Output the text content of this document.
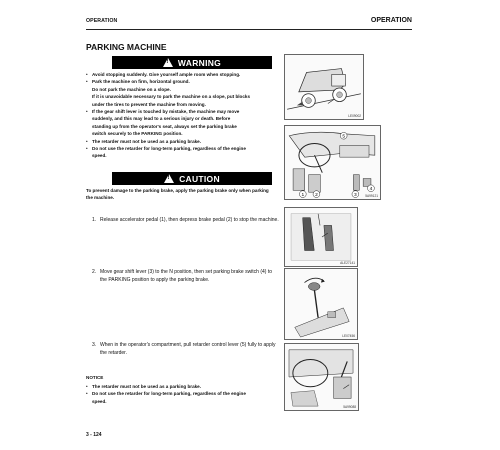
OPERATION	OPERATION
PARKING MACHINE
!
WARNING
• Avoid stopping suddenly. Give yourself ample room when stopping.
• Park the machine on firm, horizontal ground.
Do not park the machine on a slope.
If it is unavoidable necessary to park the machine on a slope, put blocks
under the tires to prevent the machine from moving.
• If the gear shift lever is touched by mistake, the machine may move
suddenly, and this may lead to a serious injury or death. Before
standing up from the operator's seat, always set the parking brake
switch securely to the PARKING position.
• The retarder must not be used as a parking brake.
• Do not use the retarder for long-term parking, regardless of the engine
speed.
!
CAUTION
To prevent damage to the parking brake, apply the parking brake only when parking the machine.
1. Release accelerator pedal (1), then depress brake pedal (2) to stop the machine.
2. Move gear shift lever (3) to the N position, then set parking brake switch (4) to the PARKING position to apply the parking brake.
3. When in the operator's compartment, pull retarder control lever (5) fully to apply the retarder.
NOTICE
• The retarder must not be used as a parking brake.
• Do not use the retarder for long-term parking, regardless of the engine
speed.
LE09002
5
1 2	3
4
5A99121
ALE27141
LE07456
5A99088
3 - 124
